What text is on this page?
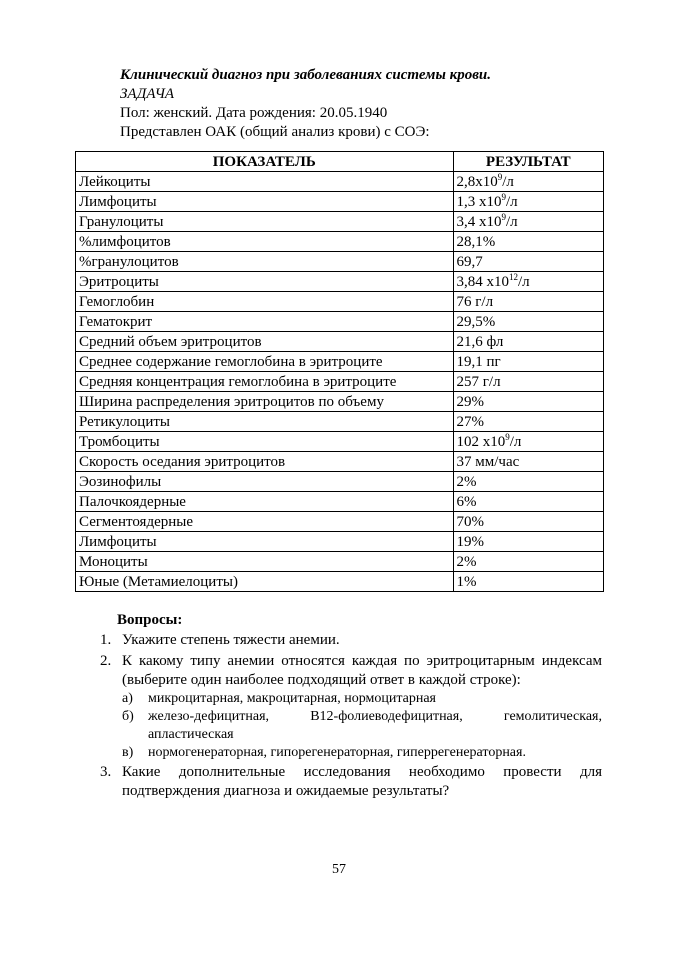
Клинический диагноз при заболеваниях системы крови.
ЗАДАЧА
Пол: женский. Дата рождения: 20.05.1940
Представлен ОАК (общий анализ крови) с СОЭ:
ПОКАЗАТЕЛЬ	РЕЗУЛЬТАТ
Лейкоциты	$2,8x10^9/л$
Лимфоциты	1,3 $x10^9/л$
Гранулоциты	3,4 $x10^9/л$
%лимфоцитов	28,1%
%гранулоцитов	69,7
Эритроциты	3,84 $x10^{12}/л$
Гемоглобин	76 г/л
Гематокрит	29,5%
Средний объем эритроцитов	21,6 фл
Среднее содержание гемоглобина в эритроците	19,1 пг
Средняя концентрация гемоглобина в эритроците	257 г/л
Ширина распределения эритроцитов по объему	29%
Ретикулоциты	27%
Тромбоциты	102 $x10^9/л$
Скорость оседания эритроцитов	37 мм/час
Эозинофилы	2%
Палочкоядерные	6%
Сегментоядерные	70%
Лимфоциты	19%
Моноциты	2%
Юные (Метамиелоциты)	1%
Вопросы:
1. Укажите степень тяжести анемии.
2. К какому типу анемии относятся каждая по эритроцитарным индексам (выберите один наиболее подходящий ответ в каждой строке):
а) микроцитарная, макроцитарная, нормоцитарная
б) железо-дефицитная, В12-фолиеводефицитная, гемолитическая, апластическая
в) нормогенераторная, гипорегенераторная, гиперрегенераторная.
3. Какие дополнительные исследования необходимо провести для подтверждения диагноза и ожидаемые результаты?
57
